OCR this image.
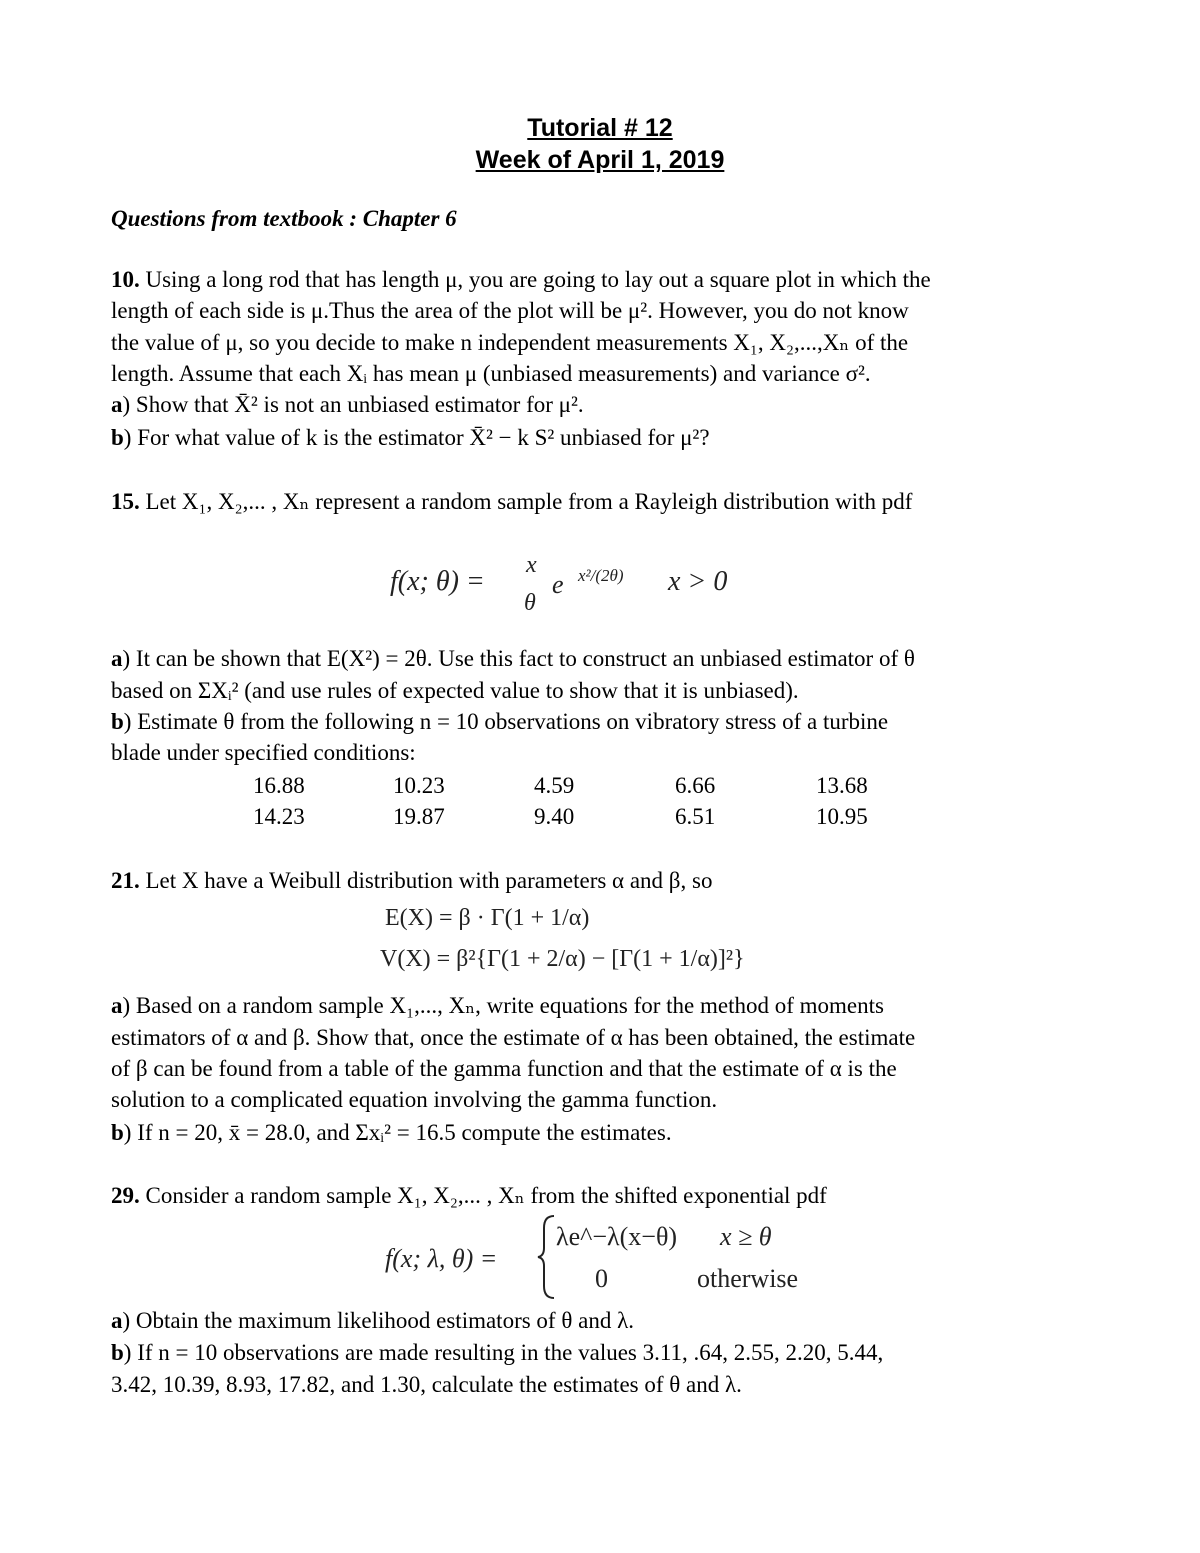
Tutorial # 12
Week of April 1, 2019
Questions from textbook : Chapter 6
10. Using a long rod that has length μ, you are going to lay out a square plot in which the
length of each side is μ.Thus the area of the plot will be μ². However, you do not know
the value of μ, so you decide to make n independent measurements X₁, X₂,...,Xₙ of the
length. Assume that each Xᵢ has mean μ (unbiased measurements) and variance σ².
a) Show that X̄² is not an unbiased estimator for μ².
b) For what value of k is the estimator X̄² − k S² unbiased for μ²?
15. Let X₁, X₂,... , Xₙ represent a random sample from a Rayleigh distribution with pdf
f(x; θ) =
x
θ
e x²/(2θ) x > 0
a) It can be shown that E(X²) = 2θ. Use this fact to construct an unbiased estimator of θ
based on ΣXᵢ² (and use rules of expected value to show that it is unbiased).
b) Estimate θ from the following n = 10 observations on vibratory stress of a turbine
blade under specified conditions:
16.88	10.23	4.59	6.66	13.68
14.23	19.87	9.40	6.51	10.95
21. Let X have a Weibull distribution with parameters α and β, so
E(X) = β · Γ(1 + 1/α)
V(X) = β²{Γ(1 + 2/α) − [Γ(1 + 1/α)]²}
a) Based on a random sample X₁,..., Xₙ, write equations for the method of moments
estimators of α and β. Show that, once the estimate of α has been obtained, the estimate
of β can be found from a table of the gamma function and that the estimate of α is the
solution to a complicated equation involving the gamma function.
b) If n = 20, x̄ = 28.0, and Σxᵢ² = 16.5 compute the estimates.
29. Consider a random sample X₁, X₂,... , Xₙ from the shifted exponential pdf
f(x; λ, θ) =
λe^−λ(x−θ) x ≥ θ
0	otherwise
a) Obtain the maximum likelihood estimators of θ and λ.
b) If n = 10 observations are made resulting in the values 3.11, .64, 2.55, 2.20, 5.44,
3.42, 10.39, 8.93, 17.82, and 1.30, calculate the estimates of θ and λ.
